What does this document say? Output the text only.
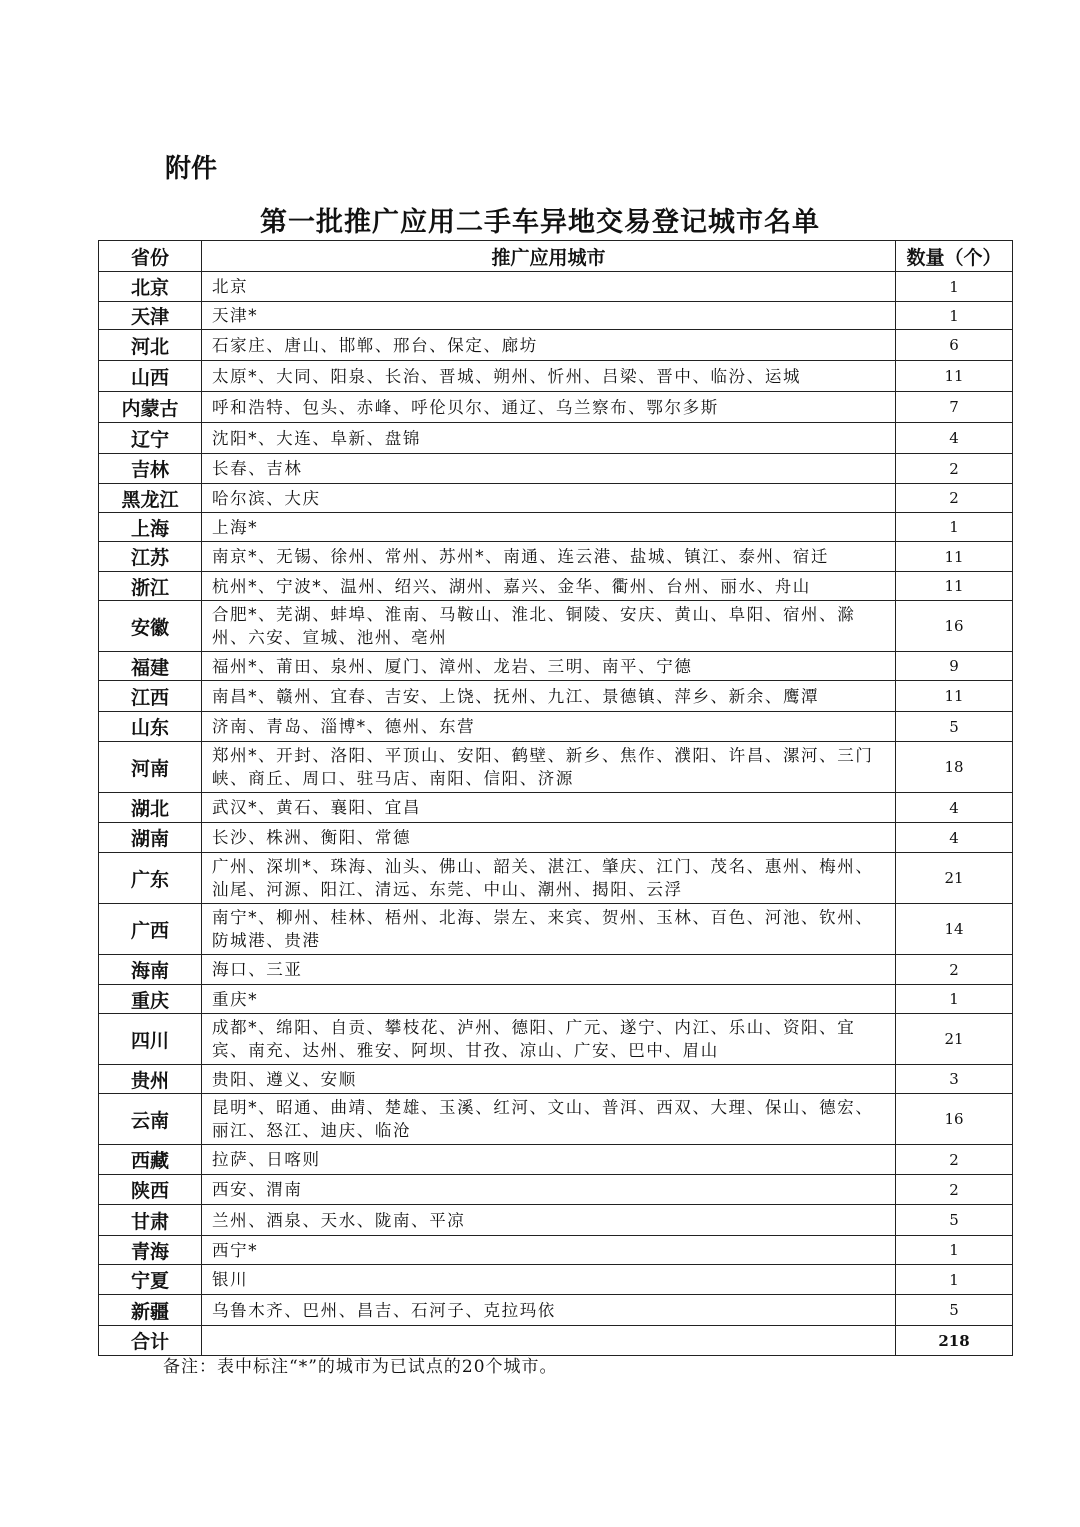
附件
第一批推广应用二手车异地交易登记城市名单
省份	推广应用城市	数量（个）
北京	北京	1
天津	天津*	1
河北	石家庄、唐山、邯郸、邢台、保定、廊坊	6
山西	太原*、大同、阳泉、长治、晋城、朔州、忻州、吕梁、晋中、临汾、运城	11
内蒙古	呼和浩特、包头、赤峰、呼伦贝尔、通辽、乌兰察布、鄂尔多斯	7
辽宁	沈阳*、大连、阜新、盘锦	4
吉林	长春、吉林	2
黑龙江	哈尔滨、大庆	2
上海	上海*	1
江苏	南京*、无锡、徐州、常州、苏州*、南通、连云港、盐城、镇江、泰州、宿迁	11
浙江	杭州*、宁波*、温州、绍兴、湖州、嘉兴、金华、衢州、台州、丽水、舟山	11
安徽	合肥*、芜湖、蚌埠、淮南、马鞍山、淮北、铜陵、安庆、黄山、阜阳、宿州、滁州、六安、宣城、池州、亳州	16
福建	福州*、莆田、泉州、厦门、漳州、龙岩、三明、南平、宁德	9
江西	南昌*、赣州、宜春、吉安、上饶、抚州、九江、景德镇、萍乡、新余、鹰潭	11
山东	济南、青岛、淄博*、德州、东营	5
河南	郑州*、开封、洛阳、平顶山、安阳、鹤壁、新乡、焦作、濮阳、许昌、漯河、三门峡、商丘、周口、驻马店、南阳、信阳、济源	18
湖北	武汉*、黄石、襄阳、宜昌	4
湖南	长沙、株洲、衡阳、常德	4
广东	广州、深圳*、珠海、汕头、佛山、韶关、湛江、肇庆、江门、茂名、惠州、梅州、汕尾、河源、阳江、清远、东莞、中山、潮州、揭阳、云浮	21
广西	南宁*、柳州、桂林、梧州、北海、崇左、来宾、贺州、玉林、百色、河池、钦州、防城港、贵港	14
海南	海口、三亚	2
重庆	重庆*	1
四川	成都*、绵阳、自贡、攀枝花、泸州、德阳、广元、遂宁、内江、乐山、资阳、宜宾、南充、达州、雅安、阿坝、甘孜、凉山、广安、巴中、眉山	21
贵州	贵阳、遵义、安顺	3
云南	昆明*、昭通、曲靖、楚雄、玉溪、红河、文山、普洱、西双、大理、保山、德宏、丽江、怒江、迪庆、临沧	16
西藏	拉萨、日喀则	2
陕西	西安、渭南	2
甘肃	兰州、酒泉、天水、陇南、平凉	5
青海	西宁*	1
宁夏	银川	1
新疆	乌鲁木齐、巴州、昌吉、石河子、克拉玛依	5
合计		218
备注：表中标注“*”的城市为已试点的20个城市。
